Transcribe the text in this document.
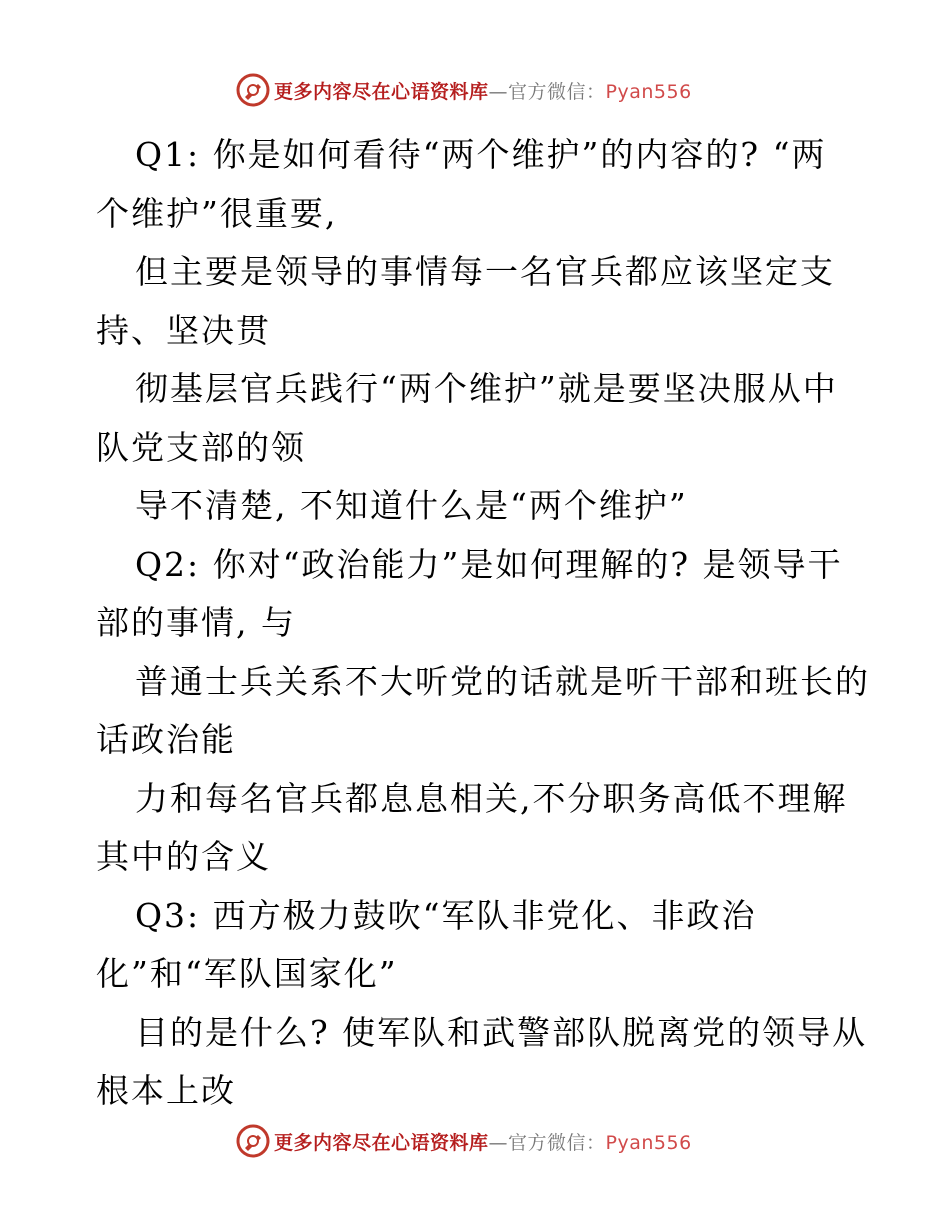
更多内容尽在心语资料库—官方微信：Pyan556
Q1: 你是如何看待“两个维护”的内容的? “两
个维护”很重要,
但主要是领导的事情每一名官兵都应该坚定支
持、坚决贯
彻基层官兵践行“两个维护”就是要坚决服从中
队党支部的领
导不清楚, 不知道什么是“两个维护”
Q2: 你对“政治能力”是如何理解的? 是领导干
部的事情, 与
普通士兵关系不大听党的话就是听干部和班长的
话政治能
力和每名官兵都息息相关,不分职务高低不理解
其中的含义
Q3: 西方极力鼓吹“军队非党化、非政治
化”和“军队国家化”
目的是什么? 使军队和武警部队脱离党的领导从
根本上改
更多内容尽在心语资料库—官方微信：Pyan556
